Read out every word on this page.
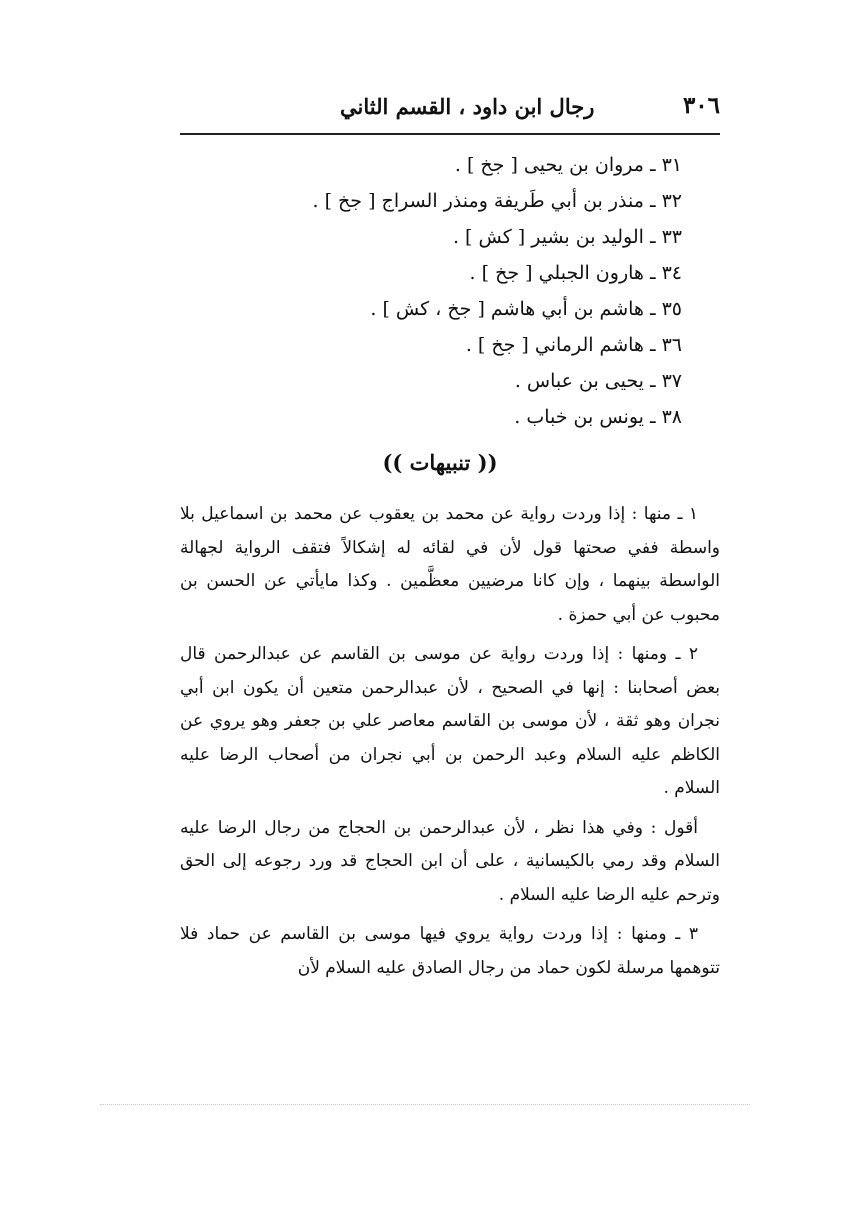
٣٠٦
رجال ابن داود ، القسم الثاني
٣١ ـ مروان بن يحيى [ جخ ] .
٣٢ ـ منذر بن أبي طَريفة ومنذر السراج [ جخ ] .
٣٣ ـ الوليد بن بشير [ كش ] .
٣٤ ـ هارون الجبلي [ جخ ] .
٣٥ ـ هاشم بن أبي هاشم [ جخ ، كش ] .
٣٦ ـ هاشم الرماني [ جخ ] .
٣٧ ـ يحيى بن عباس .
٣٨ ـ يونس بن خباب .
(( تنبيهات ))

١ ـ منها : إذا وردت رواية عن محمد بن يعقوب عن محمد بن اسماعيل بلا واسطة ففي صحتها قول لأن في لقائه له إشكالاً فتقف الرواية لجهالة الواسطة بينهما ، وإن كانا مرضيين معظَّمين . وكذا مايأتي عن الحسن بن محبوب عن أبي حمزة .

٢ ـ ومنها : إذا وردت رواية عن موسى بن القاسم عن عبدالرحمن قال بعض أصحابنا : إنها في الصحيح ، لأن عبدالرحمن متعين أن يكون ابن أبي نجران وهو ثقة ، لأن موسى بن القاسم معاصر علي بن جعفر وهو يروي عن الكاظم عليه السلام وعبد الرحمن بن أبي نجران من أصحاب الرضا عليه السلام .

أقول : وفي هذا نظر ، لأن عبدالرحمن بن الحجاج من رجال الرضا عليه السلام وقد رمي بالكيسانية ، على أن ابن الحجاج قد ورد رجوعه إلى الحق وترحم عليه الرضا عليه السلام .

٣ ـ ومنها : إذا وردت رواية يروي فيها موسى بن القاسم عن حماد فلا تتوهمها مرسلة لكون حماد من رجال الصادق عليه السلام لأن
